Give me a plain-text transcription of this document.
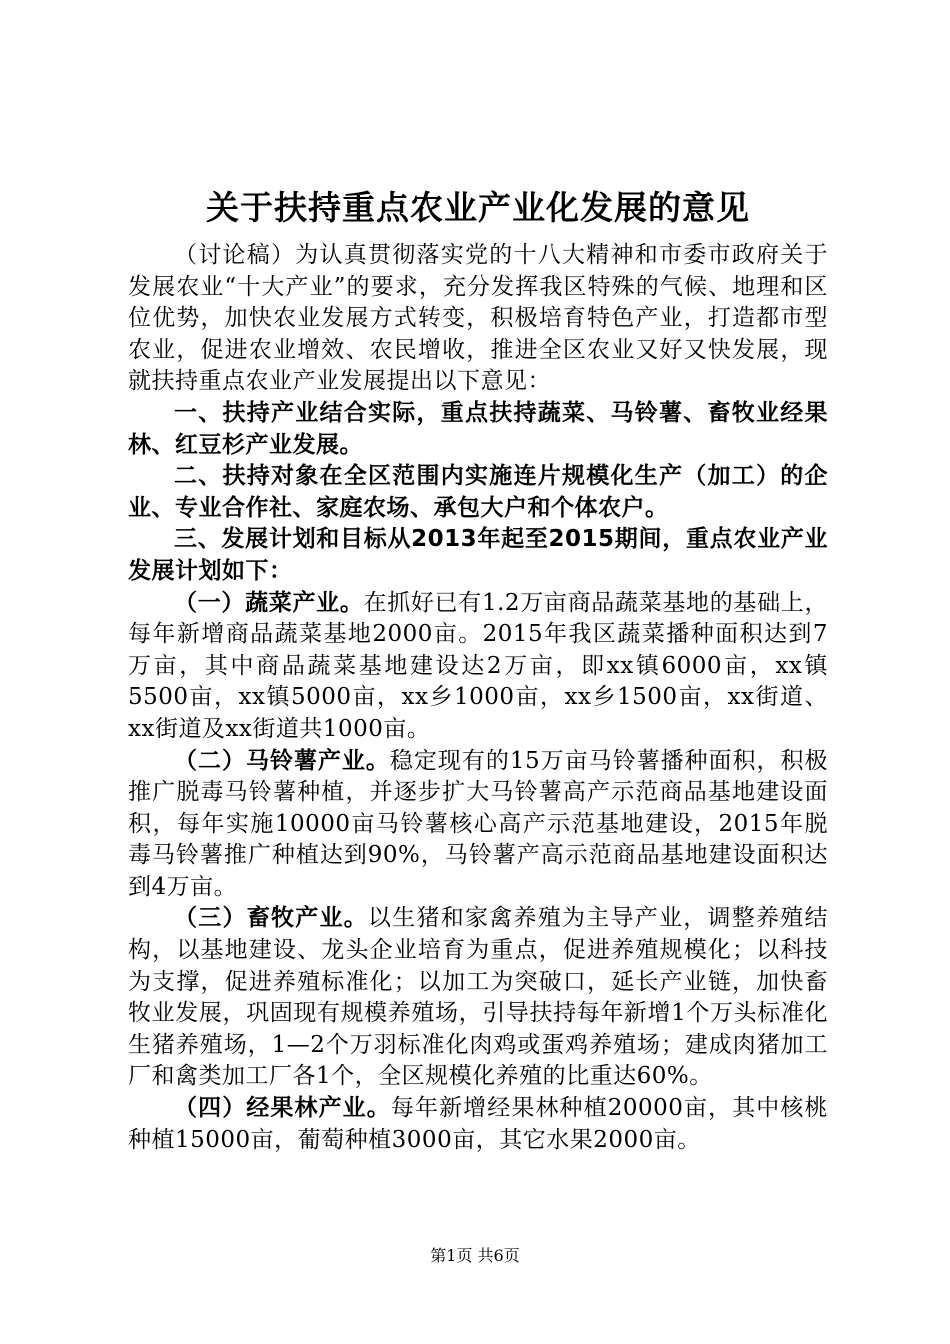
关于扶持重点农业产业化发展的意见

（讨论稿）为认真贯彻落实党的十八大精神和市委市政府关于发展农业“十大产业”的要求，充分发挥我区特殊的气候、地理和区位优势，加快农业发展方式转变，积极培育特色产业，打造都市型农业，促进农业增效、农民增收，推进全区农业又好又快发展，现就扶持重点农业产业发展提出以下意见：

一、扶持产业结合实际，重点扶持蔬菜、马铃薯、畜牧业经果林、红豆杉产业发展。

二、扶持对象在全区范围内实施连片规模化生产（加工）的企业、专业合作社、家庭农场、承包大户和个体农户。

三、发展计划和目标从2013年起至2015期间，重点农业产业发展计划如下：

（一）蔬菜产业。在抓好已有1.2万亩商品蔬菜基地的基础上，每年新增商品蔬菜基地2000亩。2015年我区蔬菜播种面积达到7万亩，其中商品蔬菜基地建设达2万亩，即xx镇6000亩，xx镇5500亩，xx镇5000亩，xx乡1000亩，xx乡1500亩，xx街道、xx街道及xx街道共1000亩。

（二）马铃薯产业。稳定现有的15万亩马铃薯播种面积，积极推广脱毒马铃薯种植，并逐步扩大马铃薯高产示范商品基地建设面积，每年实施10000亩马铃薯核心高产示范基地建设，2015年脱毒马铃薯推广种植达到90%，马铃薯产高示范商品基地建设面积达到4万亩。

（三）畜牧产业。以生猪和家禽养殖为主导产业，调整养殖结构，以基地建设、龙头企业培育为重点，促进养殖规模化；以科技为支撑，促进养殖标准化；以加工为突破口，延长产业链，加快畜牧业发展，巩固现有规模养殖场，引导扶持每年新增1个万头标准化生猪养殖场，1—2个万羽标准化肉鸡或蛋鸡养殖场；建成肉猪加工厂和禽类加工厂各1个，全区规模化养殖的比重达60%。

（四）经果林产业。每年新增经果林种植20000亩，其中核桃种植15000亩，葡萄种植3000亩，其它水果2000亩。

第1页 共6页
